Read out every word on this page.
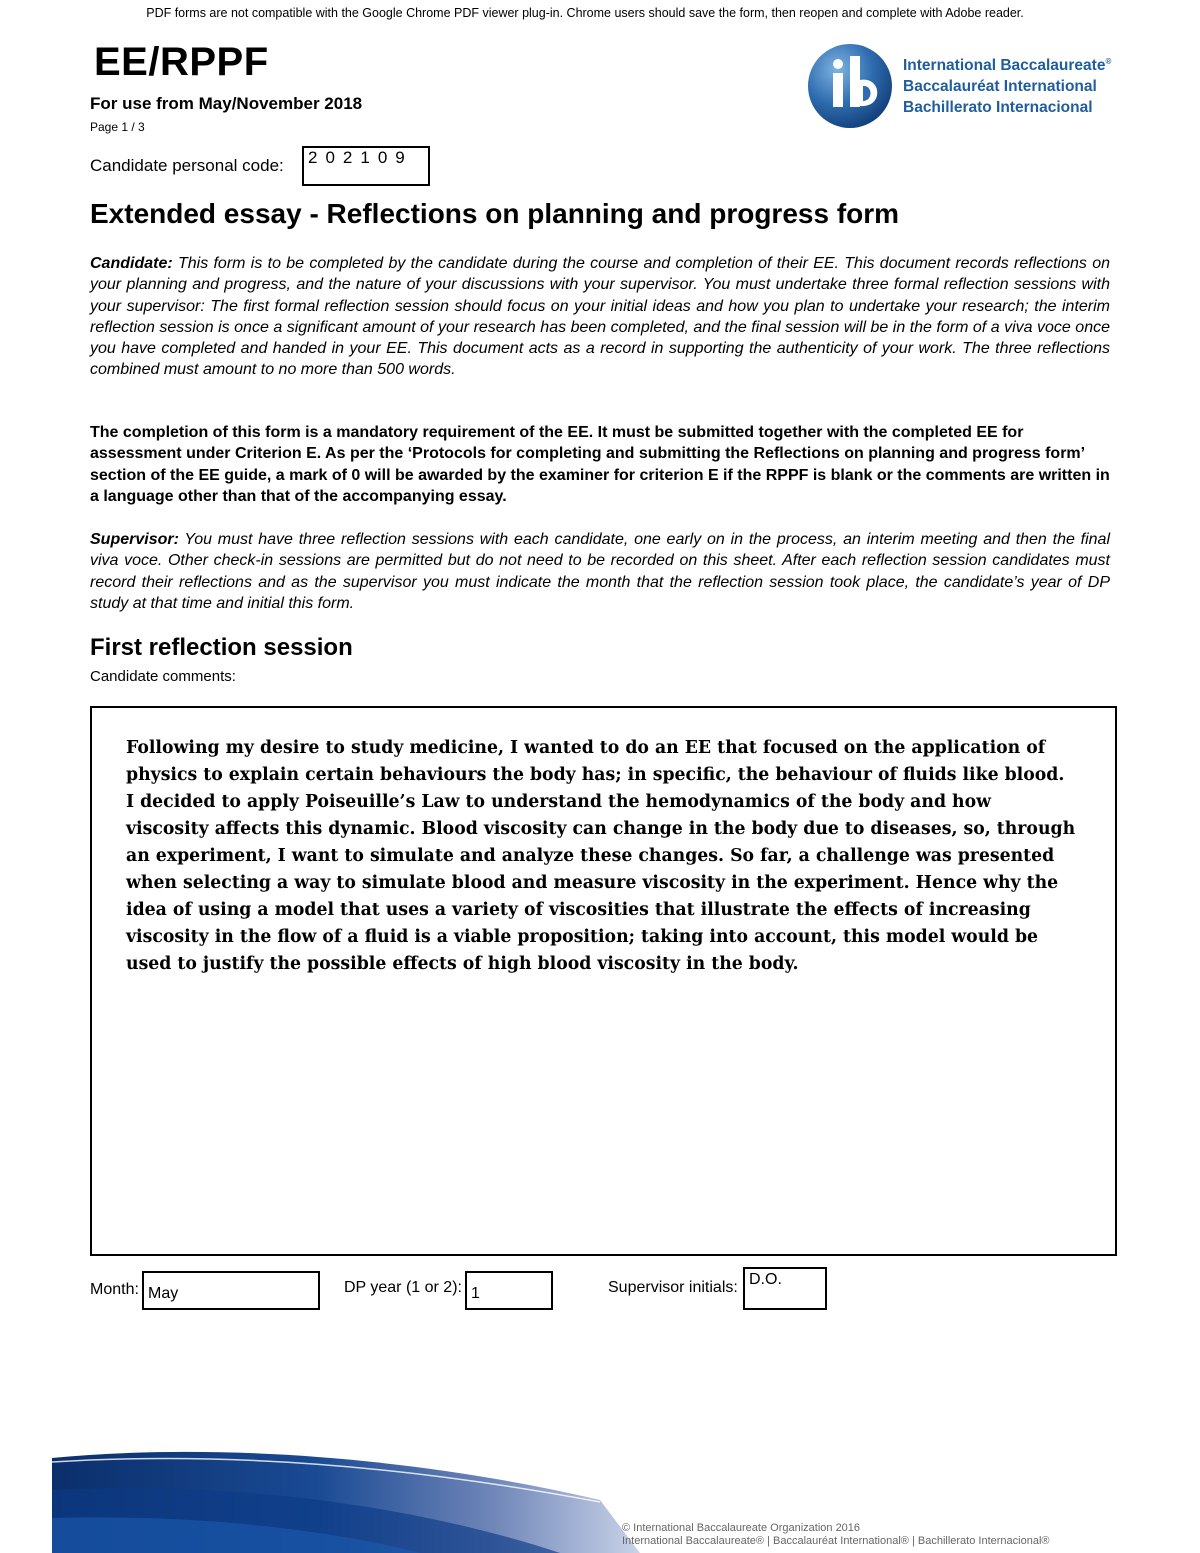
PDF forms are not compatible with the Google Chrome PDF viewer plug-in. Chrome users should save the form, then reopen and complete with Adobe reader.
EE/RPPF
For use from May/November 2018
Page 1 / 3
International Baccalaureate®
Baccalauréat International
Bachillerato Internacional
Candidate personal code: 202109
Extended essay - Reflections on planning and progress form
Candidate: This form is to be completed by the candidate during the course and completion of their EE. This document records reflections on your planning and progress, and the nature of your discussions with your supervisor. You must undertake three formal reflection sessions with your supervisor: The first formal reflection session should focus on your initial ideas and how you plan to undertake your research; the interim reflection session is once a significant amount of your research has been completed, and the final session will be in the form of a viva voce once you have completed and handed in your EE. This document acts as a record in supporting the authenticity of your work. The three reflections combined must amount to no more than 500 words.
The completion of this form is a mandatory requirement of the EE. It must be submitted together with the completed EE for assessment under Criterion E. As per the ‘Protocols for completing and submitting the Reflections on planning and progress form’ section of the EE guide, a mark of 0 will be awarded by the examiner for criterion E if the RPPF is blank or the comments are written in a language other than that of the accompanying essay.
Supervisor: You must have three reflection sessions with each candidate, one early on in the process, an interim meeting and then the final viva voce. Other check-in sessions are permitted but do not need to be recorded on this sheet. After each reflection session candidates must record their reflections and as the supervisor you must indicate the month that the reflection session took place, the candidate’s year of DP study at that time and initial this form.
First reflection session
Candidate comments:
Following my desire to study medicine, I wanted to do an EE that focused on the application of physics to explain certain behaviours the body has; in specific, the behaviour of fluids like blood. I decided to apply Poiseuille’s Law to understand the hemodynamics of the body and how viscosity affects this dynamic. Blood viscosity can change in the body due to diseases, so, through an experiment, I want to simulate and analyze these changes. So far, a challenge was presented when selecting a way to simulate blood and measure viscosity in the experiment. Hence why the idea of using a model that uses a variety of viscosities that illustrate the effects of increasing viscosity in the flow of a fluid is a viable proposition; taking into account, this model would be used to justify the possible effects of high blood viscosity in the body.
Month: May	DP year (1 or 2): 1	Supervisor initials: D.O.
© International Baccalaureate Organization 2016
International Baccalaureate® | Baccalauréat International® | Bachillerato Internacional®
